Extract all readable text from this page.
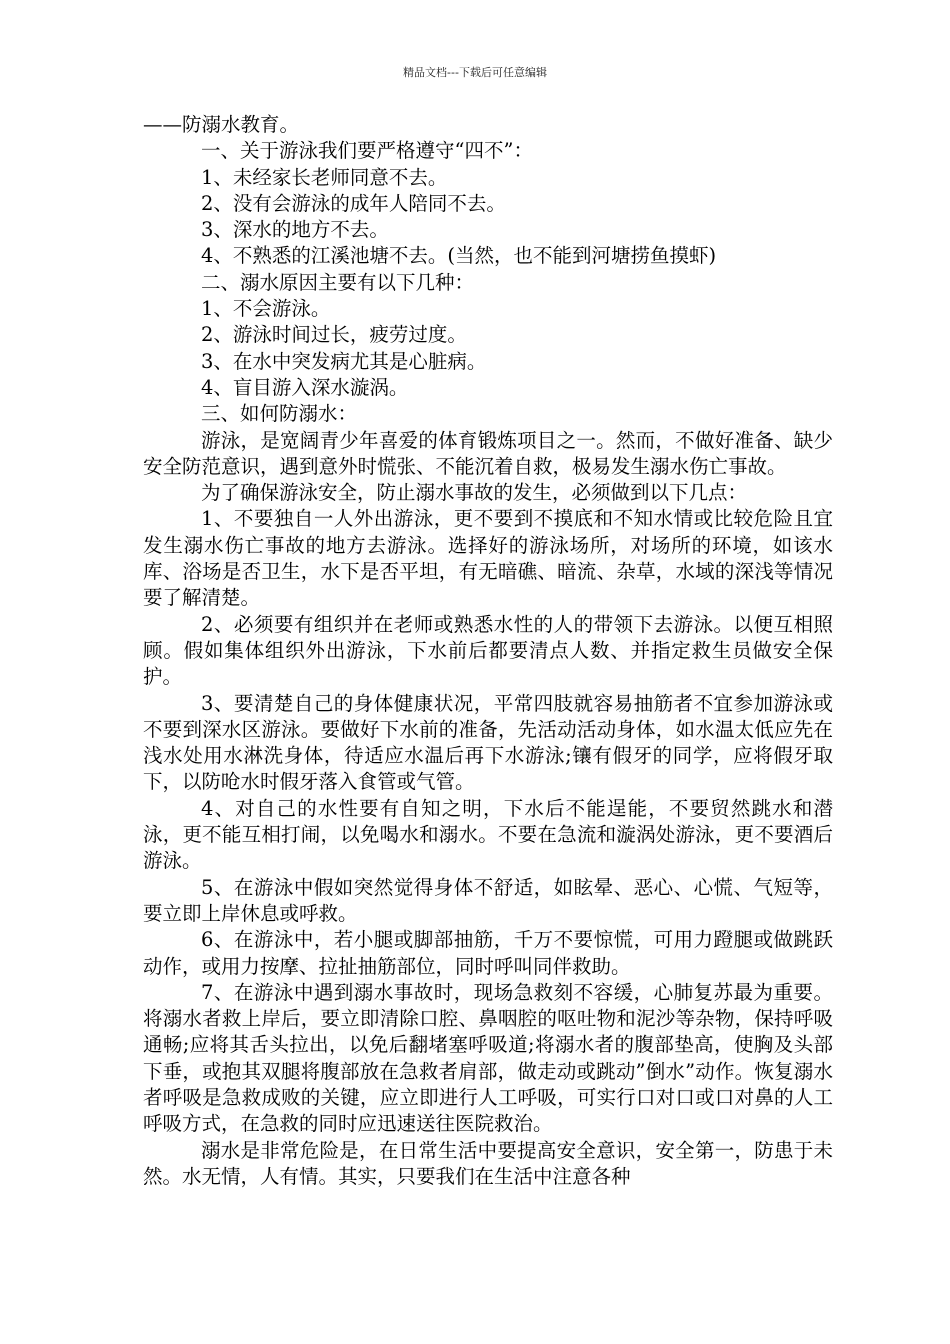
精品文档---下载后可任意编辑

——防溺水教育。

一、关于游泳我们要严格遵守“四不”：

1、未经家长老师同意不去。

2、没有会游泳的成年人陪同不去。

3、深水的地方不去。

4、不熟悉的江溪池塘不去。(当然，也不能到河塘捞鱼摸虾)

二、溺水原因主要有以下几种：

1、不会游泳。

2、游泳时间过长，疲劳过度。

3、在水中突发病尤其是心脏病。

4、盲目游入深水漩涡。

三、如何防溺水：

游泳，是宽阔青少年喜爱的体育锻炼项目之一。然而，不做好准备、缺少安全防范意识，遇到意外时慌张、不能沉着自救，极易发生溺水伤亡事故。

为了确保游泳安全，防止溺水事故的发生，必须做到以下几点：

1、不要独自一人外出游泳，更不要到不摸底和不知水情或比较危险且宜发生溺水伤亡事故的地方去游泳。选择好的游泳场所，对场所的环境，如该水库、浴场是否卫生，水下是否平坦，有无暗礁、暗流、杂草，水域的深浅等情况要了解清楚。

2、必须要有组织并在老师或熟悉水性的人的带领下去游泳。以便互相照顾。假如集体组织外出游泳，下水前后都要清点人数、并指定救生员做安全保护。

3、要清楚自己的身体健康状况，平常四肢就容易抽筋者不宜参加游泳或不要到深水区游泳。要做好下水前的准备，先活动活动身体，如水温太低应先在浅水处用水淋洗身体，待适应水温后再下水游泳;镶有假牙的同学，应将假牙取下，以防呛水时假牙落入食管或气管。

4、对自己的水性要有自知之明，下水后不能逞能，不要贸然跳水和潜泳，更不能互相打闹，以免喝水和溺水。不要在急流和漩涡处游泳，更不要酒后游泳。

5、在游泳中假如突然觉得身体不舒适，如眩晕、恶心、心慌、气短等，要立即上岸休息或呼救。

6、在游泳中，若小腿或脚部抽筋，千万不要惊慌，可用力蹬腿或做跳跃动作，或用力按摩、拉扯抽筋部位，同时呼叫同伴救助。

7、在游泳中遇到溺水事故时，现场急救刻不容缓，心肺复苏最为重要。将溺水者救上岸后，要立即清除口腔、鼻咽腔的呕吐物和泥沙等杂物，保持呼吸通畅;应将其舌头拉出，以免后翻堵塞呼吸道;将溺水者的腹部垫高，使胸及头部下垂，或抱其双腿将腹部放在急救者肩部，做走动或跳动”倒水”动作。恢复溺水者呼吸是急救成败的关键，应立即进行人工呼吸，可实行口对口或口对鼻的人工呼吸方式，在急救的同时应迅速送往医院救治。

溺水是非常危险是，在日常生活中要提高安全意识，安全第一，防患于未然。水无情，人有情。其实，只要我们在生活中注意各种
